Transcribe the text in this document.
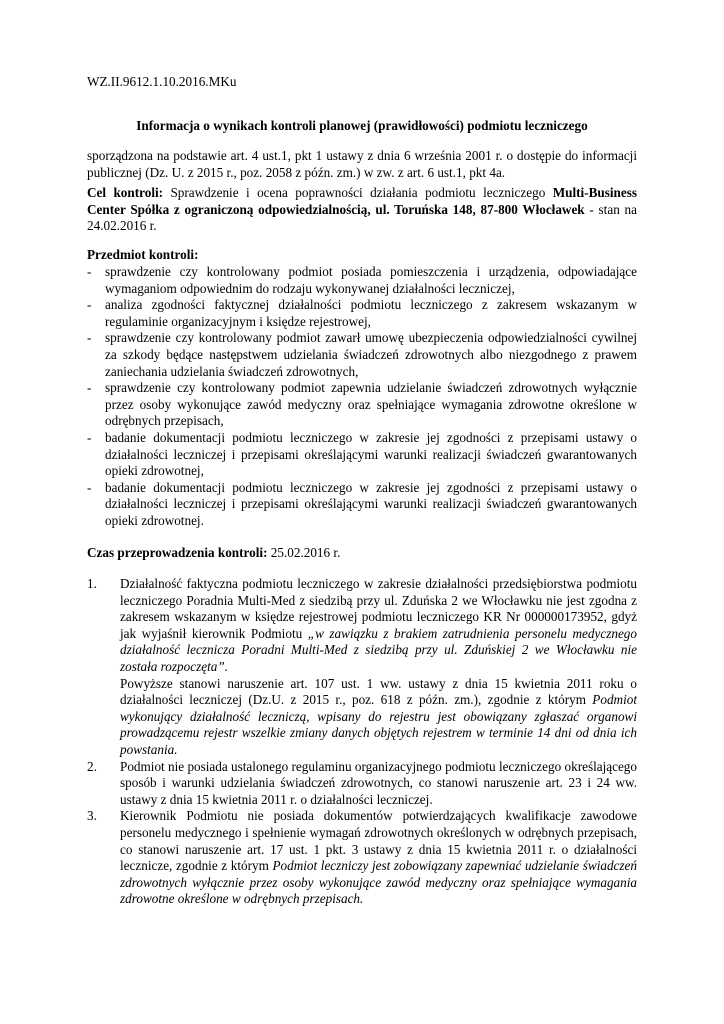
WZ.II.9612.1.10.2016.MKu
Informacja o wynikach kontroli planowej (prawidłowości) podmiotu leczniczego
sporządzona na podstawie art. 4 ust.1, pkt 1 ustawy z dnia 6 września 2001 r. o dostępie do informacji publicznej (Dz. U. z 2015 r., poz. 2058 z późn. zm.) w zw. z art. 6 ust.1, pkt 4a.
Cel kontroli: Sprawdzenie i ocena poprawności działania podmiotu leczniczego Multi-Business Center Spółka z ograniczoną odpowiedzialnością, ul. Toruńska 148, 87-800 Włocławek - stan na 24.02.2016 r.
Przedmiot kontroli:
- sprawdzenie czy kontrolowany podmiot posiada pomieszczenia i urządzenia, odpowiadające wymaganiom odpowiednim do rodzaju wykonywanej działalności leczniczej,
- analiza zgodności faktycznej działalności podmiotu leczniczego z zakresem wskazanym w regulaminie organizacyjnym i księdze rejestrowej,
- sprawdzenie czy kontrolowany podmiot zawarł umowę ubezpieczenia odpowiedzialności cywilnej za szkody będące następstwem udzielania świadczeń zdrowotnych albo niezgodnego z prawem zaniechania udzielania świadczeń zdrowotnych,
- sprawdzenie czy kontrolowany podmiot zapewnia udzielanie świadczeń zdrowotnych wyłącznie przez osoby wykonujące zawód medyczny oraz spełniające wymagania zdrowotne określone w odrębnych przepisach,
- badanie dokumentacji podmiotu leczniczego w zakresie jej zgodności z przepisami ustawy o działalności leczniczej i przepisami określającymi warunki realizacji świadczeń gwarantowanych opieki zdrowotnej,
- badanie dokumentacji podmiotu leczniczego w zakresie jej zgodności z przepisami ustawy o działalności leczniczej i przepisami określającymi warunki realizacji świadczeń gwarantowanych opieki zdrowotnej.
Czas przeprowadzenia kontroli: 25.02.2016 r.
1. Działalność faktyczna podmiotu leczniczego w zakresie działalności przedsiębiorstwa podmiotu leczniczego Poradnia Multi-Med z siedzibą przy ul. Zduńska 2 we Włocławku nie jest zgodna z zakresem wskazanym w księdze rejestrowej podmiotu leczniczego KR Nr 000000173952, gdyż jak wyjaśnił kierownik Podmiotu „w zawiązku z brakiem zatrudnienia personelu medycznego działalność lecznicza Poradni Multi-Med z siedzibą przy ul. Zduńskiej 2 we Włocławku nie została rozpoczęta”.
Powyższe stanowi naruszenie art. 107 ust. 1 ww. ustawy z dnia 15 kwietnia 2011 roku o działalności leczniczej (Dz.U. z 2015 r., poz. 618 z późn. zm.), zgodnie z którym Podmiot wykonujący działalność leczniczą, wpisany do rejestru jest obowiązany zgłaszać organowi prowadzącemu rejestr wszelkie zmiany danych objętych rejestrem w terminie 14 dni od dnia ich powstania.
2. Podmiot nie posiada ustalonego regulaminu organizacyjnego podmiotu leczniczego określającego sposób i warunki udzielania świadczeń zdrowotnych, co stanowi naruszenie art. 23 i 24 ww. ustawy z dnia 15 kwietnia 2011 r. o działalności leczniczej.
3. Kierownik Podmiotu nie posiada dokumentów potwierdzających kwalifikacje zawodowe personelu medycznego i spełnienie wymagań zdrowotnych określonych w odrębnych przepisach, co stanowi naruszenie art. 17 ust. 1 pkt. 3 ustawy z dnia 15 kwietnia 2011 r. o działalności lecznicze, zgodnie z którym Podmiot leczniczy jest zobowiązany zapewniać udzielanie świadczeń zdrowotnych wyłącznie przez osoby wykonujące zawód medyczny oraz spełniające wymagania zdrowotne określone w odrębnych przepisach.
